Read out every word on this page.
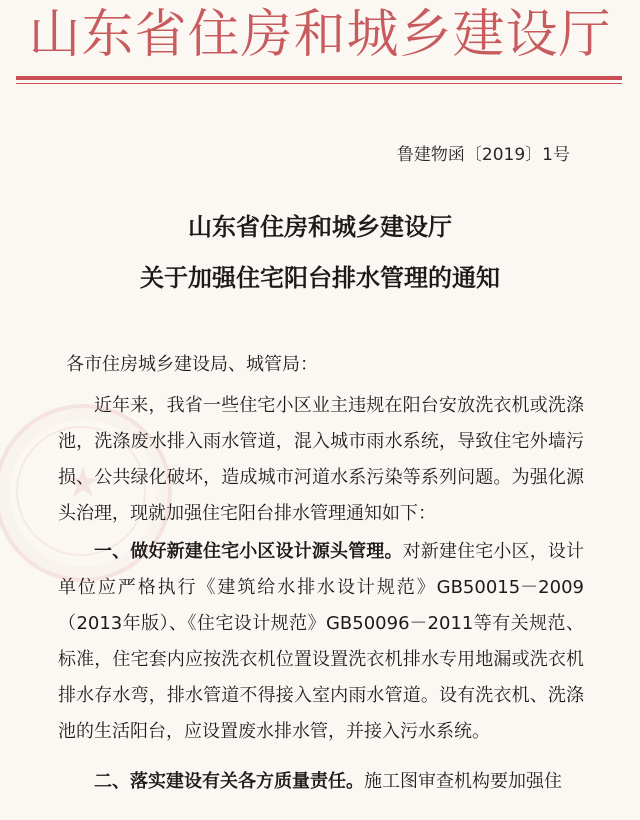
山东省住房和城乡建设厅
鲁建物函〔2019〕1号
★
山东省住房和城乡建设厅
关于加强住宅阳台排水管理的通知
各市住房城乡建设局、城管局：
近年来，我省一些住宅小区业主违规在阳台安放洗衣机或洗涤池，洗涤废水排入雨水管道，混入城市雨水系统，导致住宅外墙污损、公共绿化破坏，造成城市河道水系污染等系列问题。为强化源头治理，现就加强住宅阳台排水管理通知如下：
一、做好新建住宅小区设计源头管理。对新建住宅小区，设计单位应严格执行《建筑给水排水设计规范》GB50015－2009（2013年版）、《住宅设计规范》GB50096－2011等有关规范、标准，住宅套内应按洗衣机位置设置洗衣机排水专用地漏或洗衣机排水存水弯，排水管道不得接入室内雨水管道。设有洗衣机、洗涤池的生活阳台，应设置废水排水管，并接入污水系统。
二、落实建设有关各方质量责任。施工图审查机构要加强住
